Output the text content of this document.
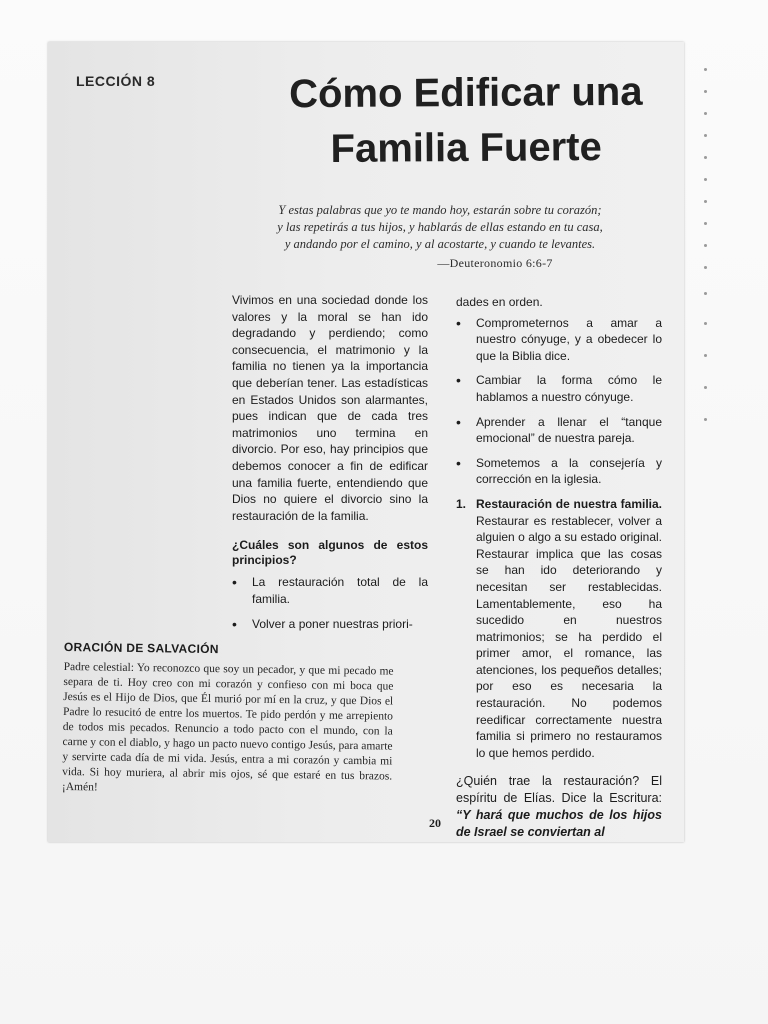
LECCIÓN 8	Cómo Edificar una
Familia Fuerte
Y estas palabras que yo te mando hoy, estarán sobre tu corazón;
y las repetirás a tus hijos, y hablarás de ellas estando en tu casa,
y andando por el camino, y al acostarte, y cuando te levantes.
—Deuteronomio 6:6-7

Vivimos en una sociedad donde los valores y la moral se han ido degradando y perdiendo; como consecuencia, el matrimonio y la familia no tienen ya la importancia que deberían tener. Las estadísticas en Estados Unidos son alarmantes, pues indican que de cada tres matrimonios uno termina en divorcio. Por eso, hay principios que debemos conocer a fin de edificar una familia fuerte, entendiendo que Dios no quiere el divorcio sino la restauración de la familia.

¿Cuáles son algunos de estos principios?
• La restauración total de la familia.
• Volver a poner nuestras priori-

dades en orden.

• Comprometernos a amar a nuestro cónyuge, y a obedecer lo que la Biblia dice.
• Cambiar la forma cómo le hablamos a nuestro cónyuge.
• Aprender a llenar el “tanque emocional” de nuestra pareja.
• Sometemos a la consejería y corrección en la iglesia.
1. Restauración de nuestra familia. Restaurar es restablecer, volver a alguien o algo a su estado original. Restaurar implica que las cosas se han ido deteriorando y necesitan ser restablecidas. Lamentablemente, eso ha sucedido en nuestros matrimonios; se ha perdido el primer amor, el romance, las atenciones, los pequeños detalles; por eso es necesaria la restauración. No podemos reedificar correctamente nuestra familia si primero no restauramos lo que hemos perdido.

¿Quién trae la restauración? El espíritu de Elías. Dice la Escritura: “Y hará que muchos de los hijos de Israel se conviertan al

ORACIÓN DE SALVACIÓN
Padre celestial: Yo reconozco que soy un pecador, y que mi pecado me separa de ti. Hoy creo con mi corazón y confieso con mi boca que Jesús es el Hijo de Dios, que Él murió por mí en la cruz, y que Dios el Padre lo resucitó de entre los muertos. Te pido perdón y me arrepiento de todos mis pecados. Renuncio a todo pacto con el mundo, con la carne y con el diablo, y hago un pacto nuevo contigo Jesús, para amarte y servirte cada día de mi vida. Jesús, entra a mi corazón y cambia mi vida. Si hoy muriera, al abrir mis ojos, sé que estaré en tus brazos. ¡Amén!
20
